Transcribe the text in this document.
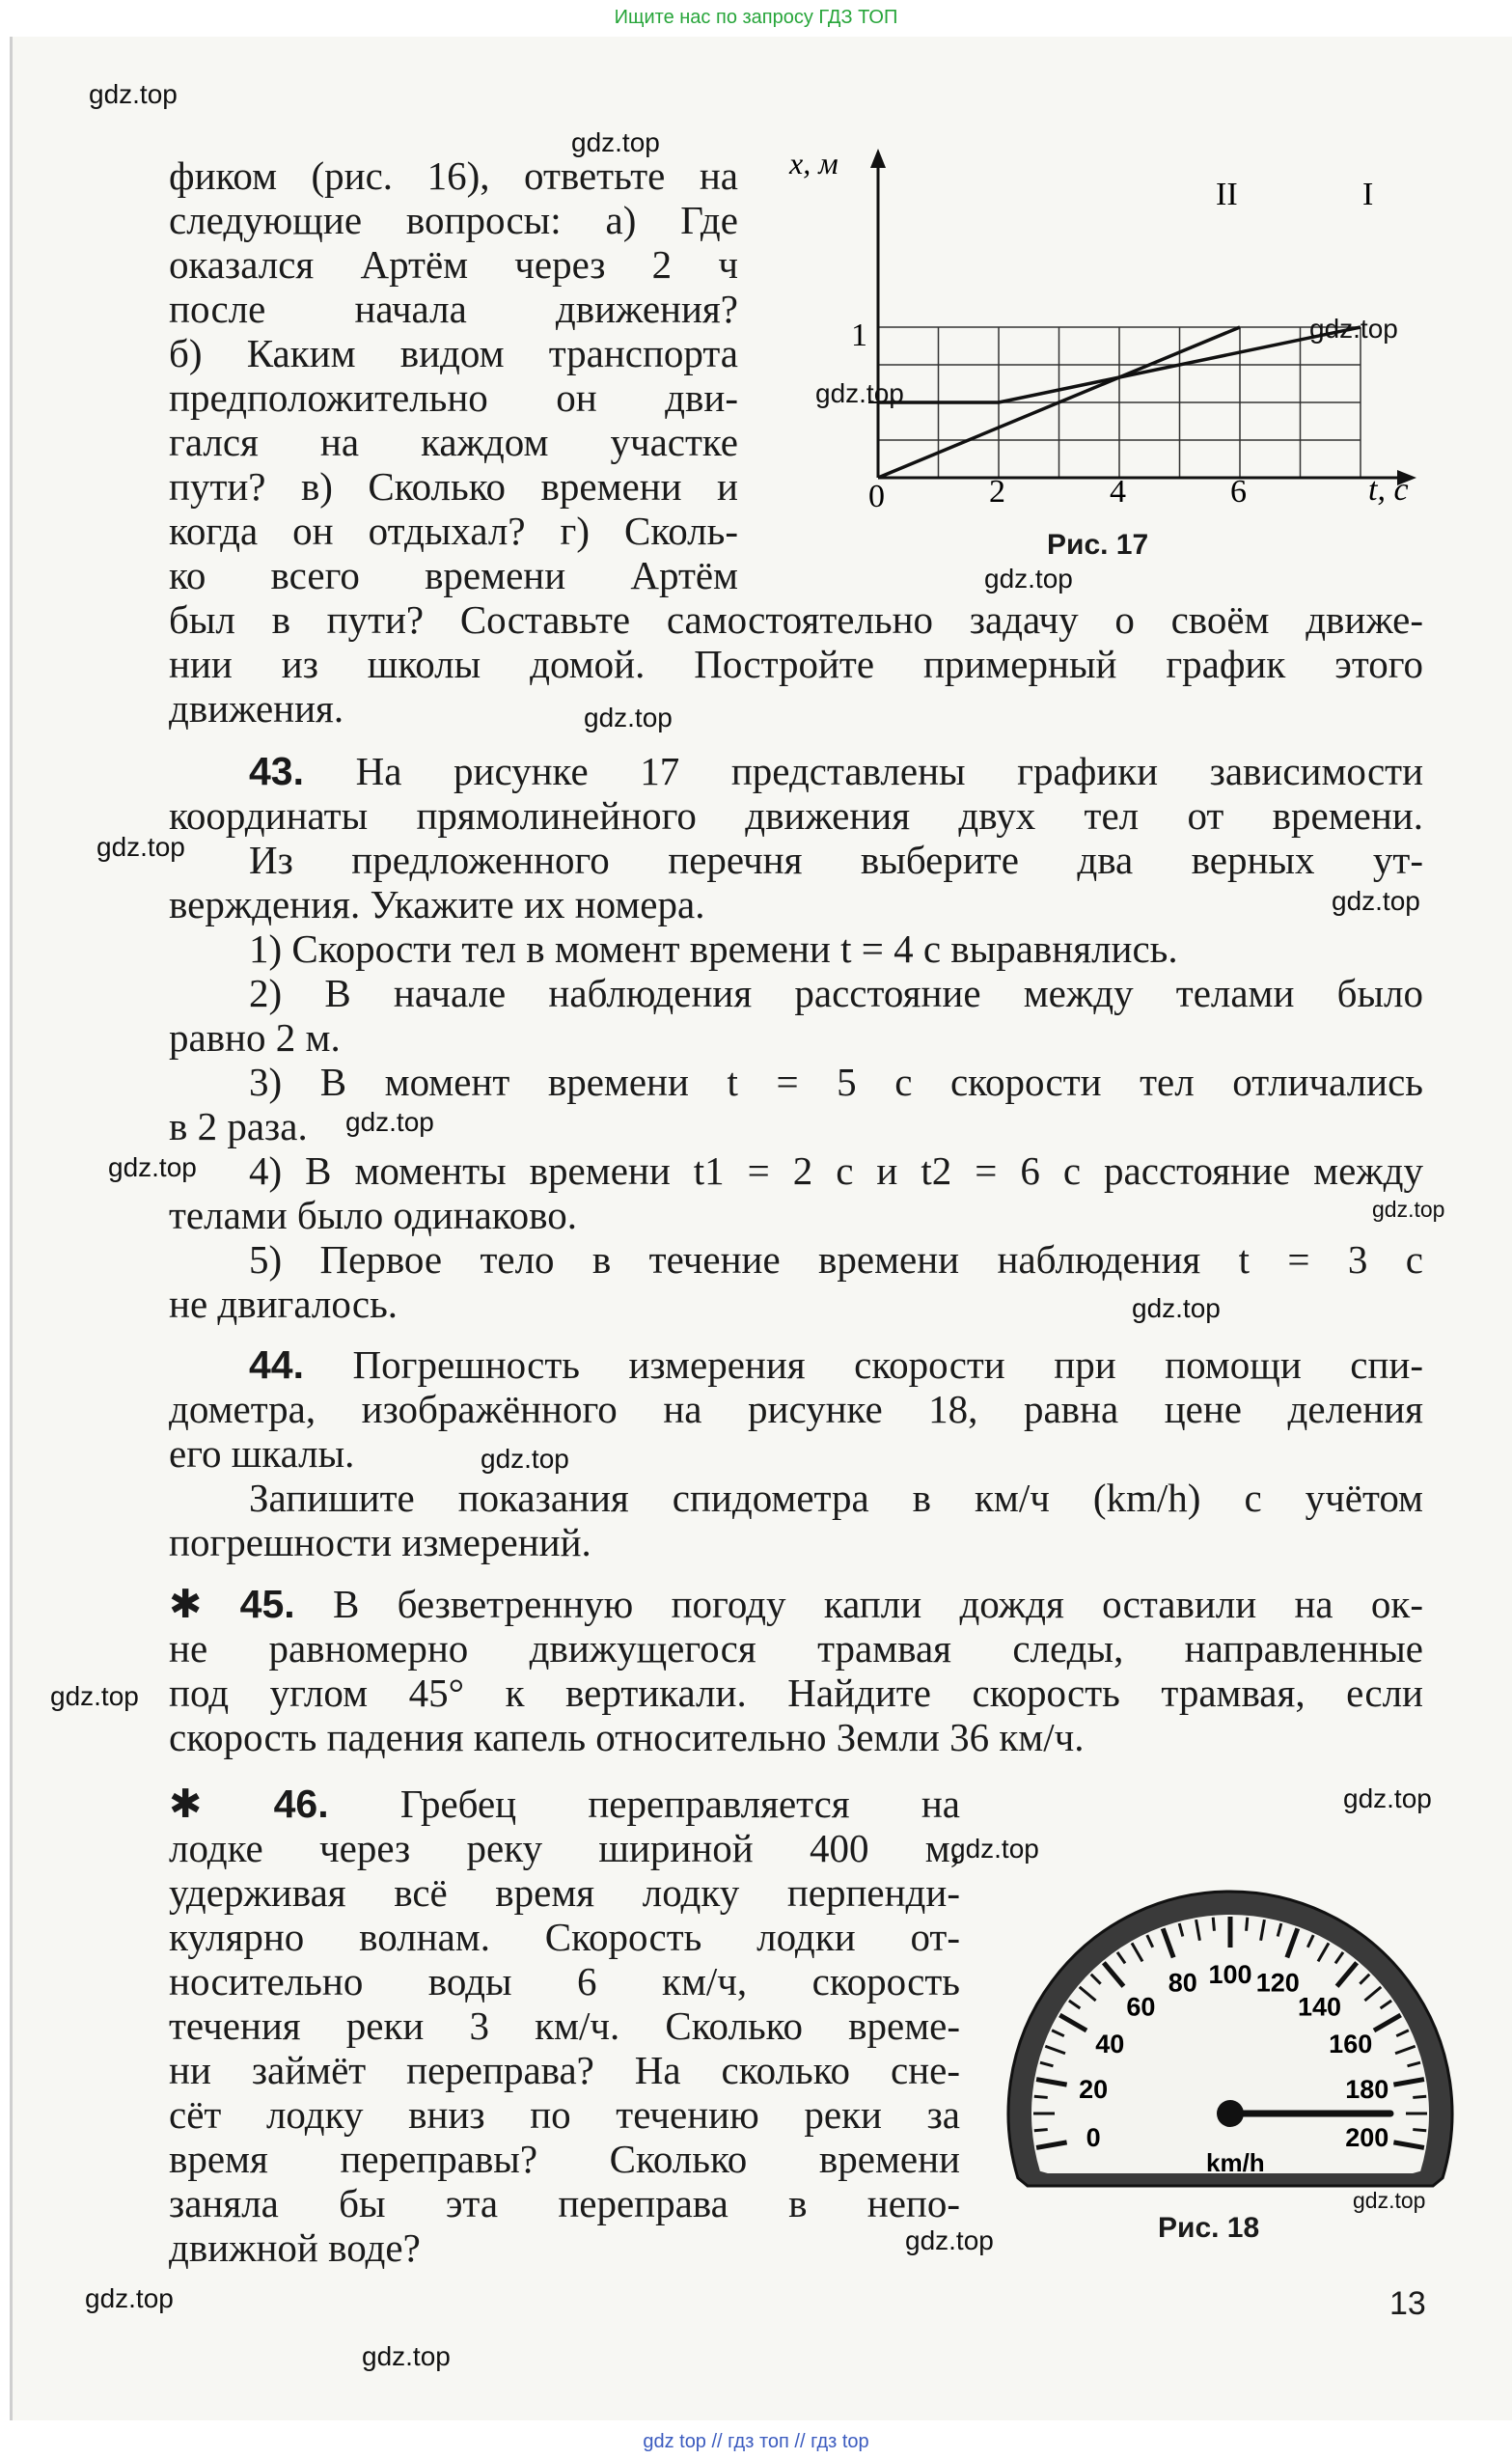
Ищите нас по запросу ГДЗ ТОП
фиком (рис. 16), ответьте на
следующие вопросы: а) Где
оказался Артём через 2 ч
после начала движения?
б) Каким видом транспорта
предположительно он дви-
гался на каждом участке
пути? в) Сколько времени и
когда он отдыхал? г) Сколь-
ко всего времени Артём
был в пути? Составьте самостоятельно задачу о своём движе-
нии из школы домой. Постройте примерный график этого
движения.
x, м
t, с
0	2	4	6
1
I
II
Рис. 17
43. На рисунке 17 представлены графики зависимости
координаты прямолинейного движения двух тел от времени.
Из предложенного перечня выберите два верных ут-
верждения. Укажите их номера.
1) Скорости тел в момент времени t = 4 с выравнялись.
2) В начале наблюдения расстояние между телами было
равно 2 м.
3) В момент времени t = 5 с скорости тел отличались
в 2 раза.
4) В моменты времени t1 = 2 с и t2 = 6 с расстояние между
телами было одинаково.
5) Первое тело в течение времени наблюдения t = 3 с
не двигалось.
44. Погрешность измерения скорости при помощи спи-
дометра, изображённого на рисунке 18, равна цене деления
его шкалы.
Запишите показания спидометра в км/ч (km/h) с учётом
погрешности измерений.
✱ 45. В безветренную погоду капли дождя оставили на ок-
не равномерно движущегося трамвая следы, направленные
под углом 45° к вертикали. Найдите скорость трамвая, если
скорость падения капель относительно Земли 36 км/ч.
✱ 46. Гребец переправляется на
лодке через реку шириной 400 м,
удерживая всё время лодку перпенди-
кулярно волнам. Скорость лодки от-
носительно воды 6 км/ч, скорость
течения реки 3 км/ч. Сколько време-
ни займёт переправа? На сколько сне-
сёт лодку вниз по течению реки за
время переправы? Сколько времени
заняла бы эта переправа в непо-
движной воде?
0
20
40
60
80 100 120
140
160
180
200
km/h
Рис. 18
13
gdz.top
gdz.top
gdz.top
gdz.top
gdz.top
gdz.top
gdz.top
gdz.top
gdz.top
gdz.top
gdz.top
gdz.top
gdz.top
gdz.top
gdz.top
gdz.top
gdz.top
gdz.top
gdz.top
gdz.top
gdz top // гдз топ // гдз top
